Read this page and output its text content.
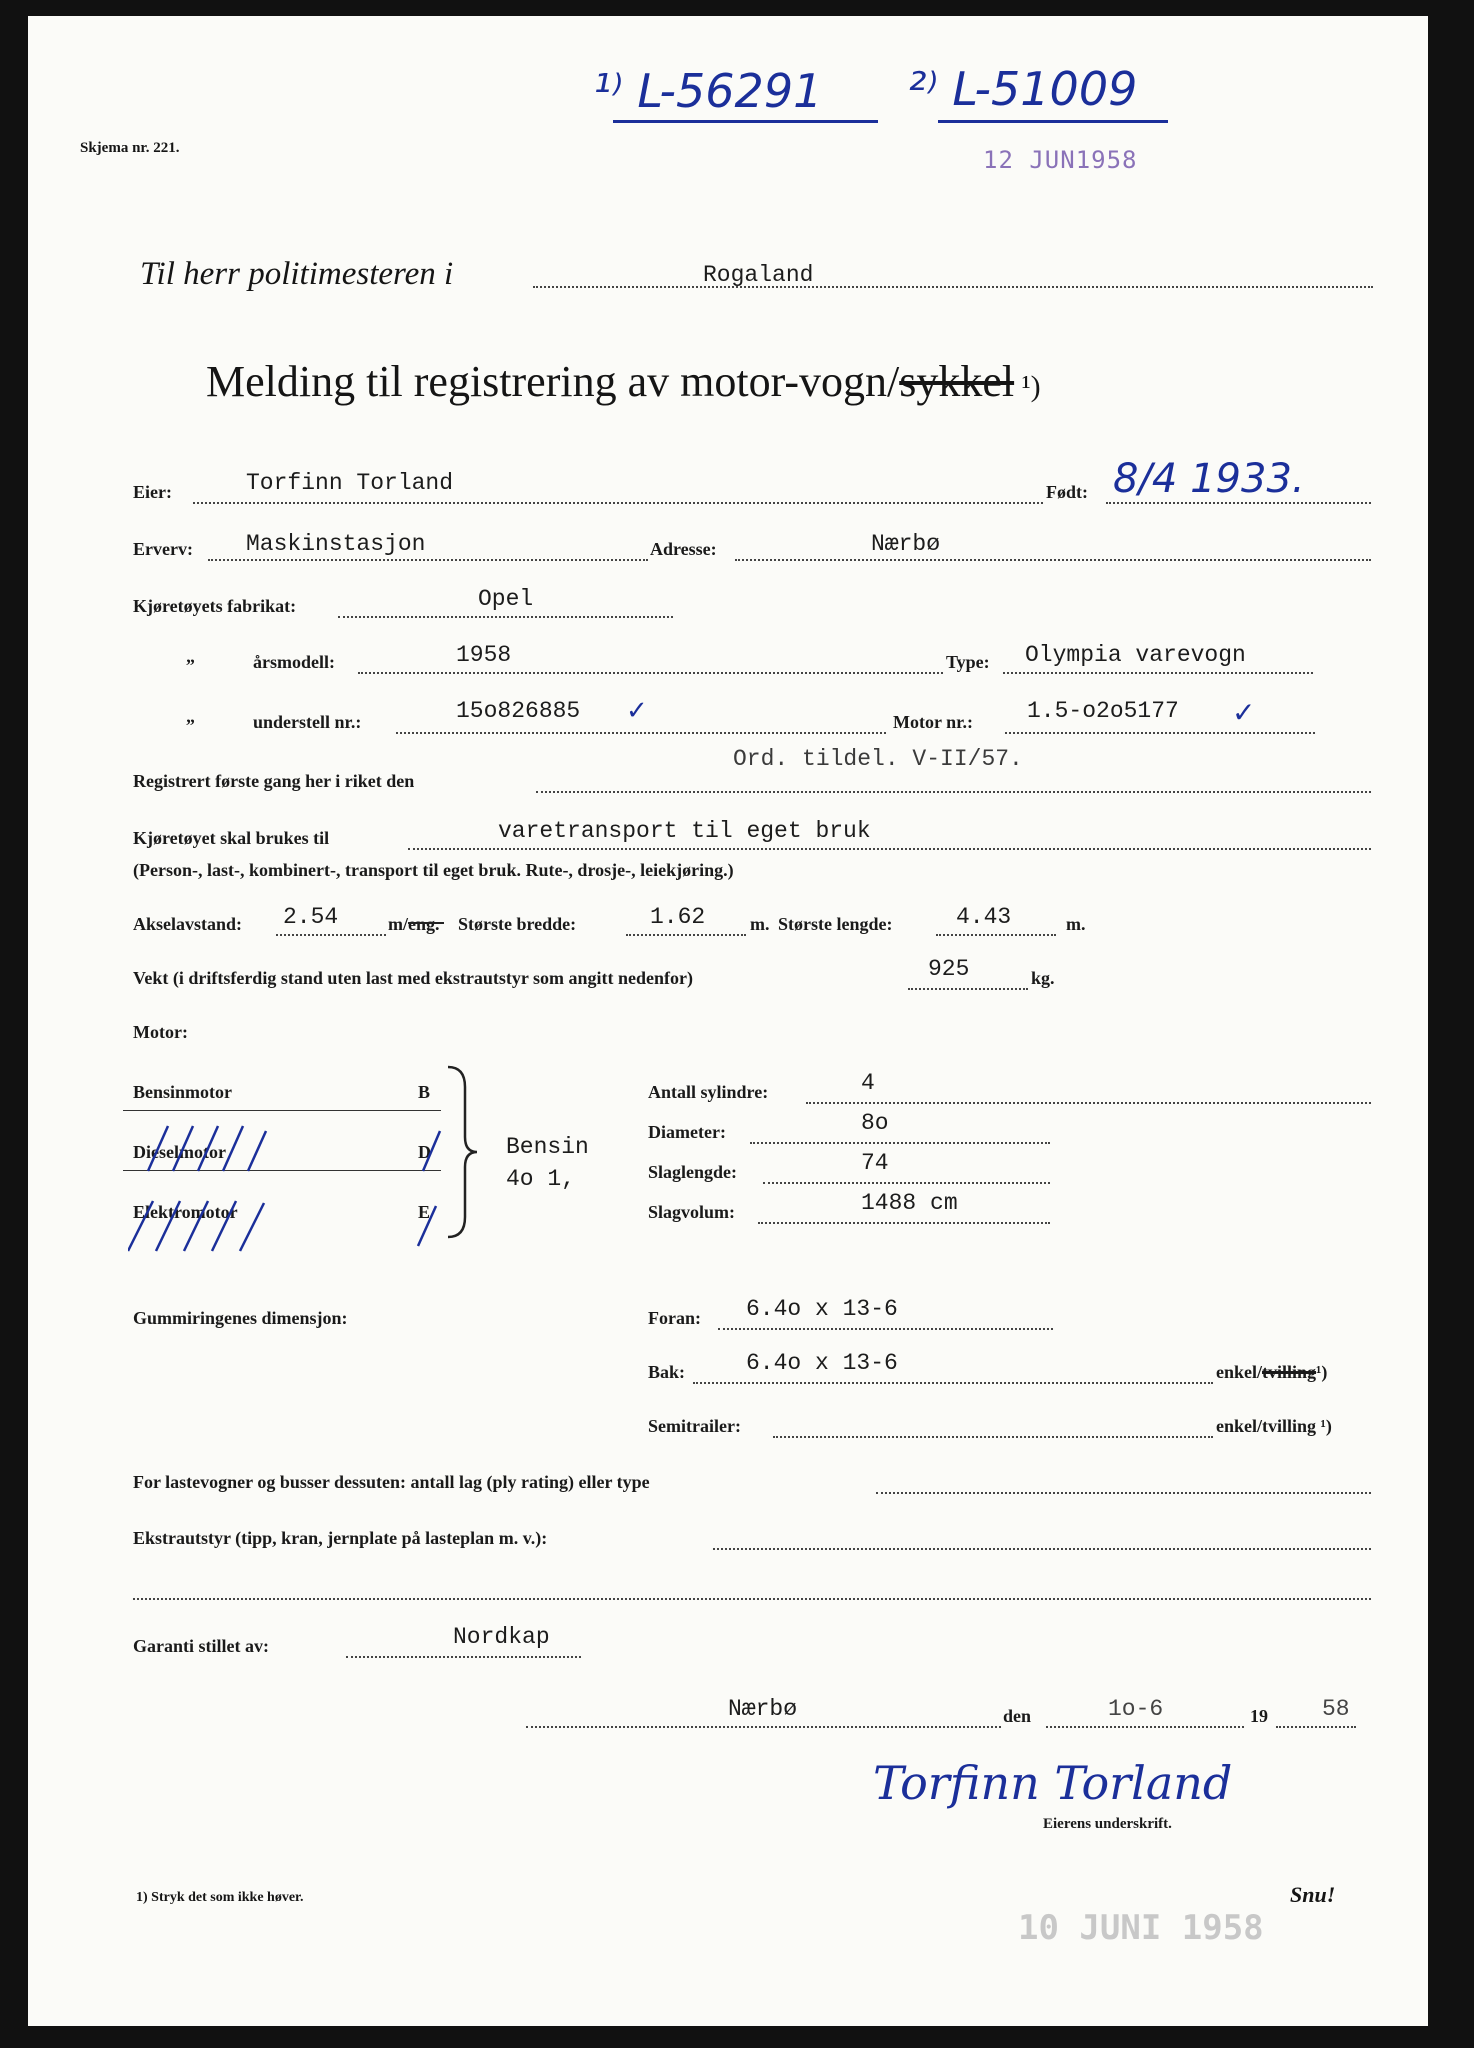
¹⁾ L-56291 ²⁾ L-51009
12 JUN1958
Skjema nr. 221.
Til herr politimesteren i	Rogaland
Melding til registrering av motor-vogn/sykkel ¹)
Eier:	Torfinn Torland	Født: 8/4 1933.
Erverv: Maskinstasjon	Adresse:	Nærbø
Kjøretøyets fabrikat:	Opel
„	årsmodell:	1958	Type: Olympia varevogn
„	understell nr.:	15o826885 ✓	Motor nr.: 1.5-o2o5177 ✓
Registrert første gang her i riket den
Ord. tildel. V-II/57.
Kjøretøyet skal brukes til	varetransport til eget bruk
(Person-, last-, kombinert-, transport til eget bruk. Rute-, drosje-, leiekjøring.)
Akselavstand: 2.54	m/eng. Største bredde:	1.62 m. Største lengde:	4.43	m.
Vekt (i driftsferdig stand uten last med ekstrautstyr som angitt nedenfor)	925	kg.
Motor:
Bensinmotor	B
Dieselmotor	D
Elektromotor	E
Bensin
4o 1,
Antall sylindre:	4
Diameter:	8o
Slaglengde:	74
Slagvolum:	1488 cm
Gummiringenes dimensjon:	Foran: 6.4o x 13-6
Bak:	6.4o x 13-6	enkel/tvilling¹)
Semitrailer:	enkel/tvilling ¹)
For lastevogner og busser dessuten: antall lag (ply rating) eller type
Ekstrautstyr (tipp, kran, jernplate på lasteplan m. v.):
Garanti stillet av:	Nordkap
Nærbø	den	1o-6	19 58
Torfinn Torland
Eierens underskrift.
1) Stryk det som ikke høver.	Snu!
10 JUNI 1958
